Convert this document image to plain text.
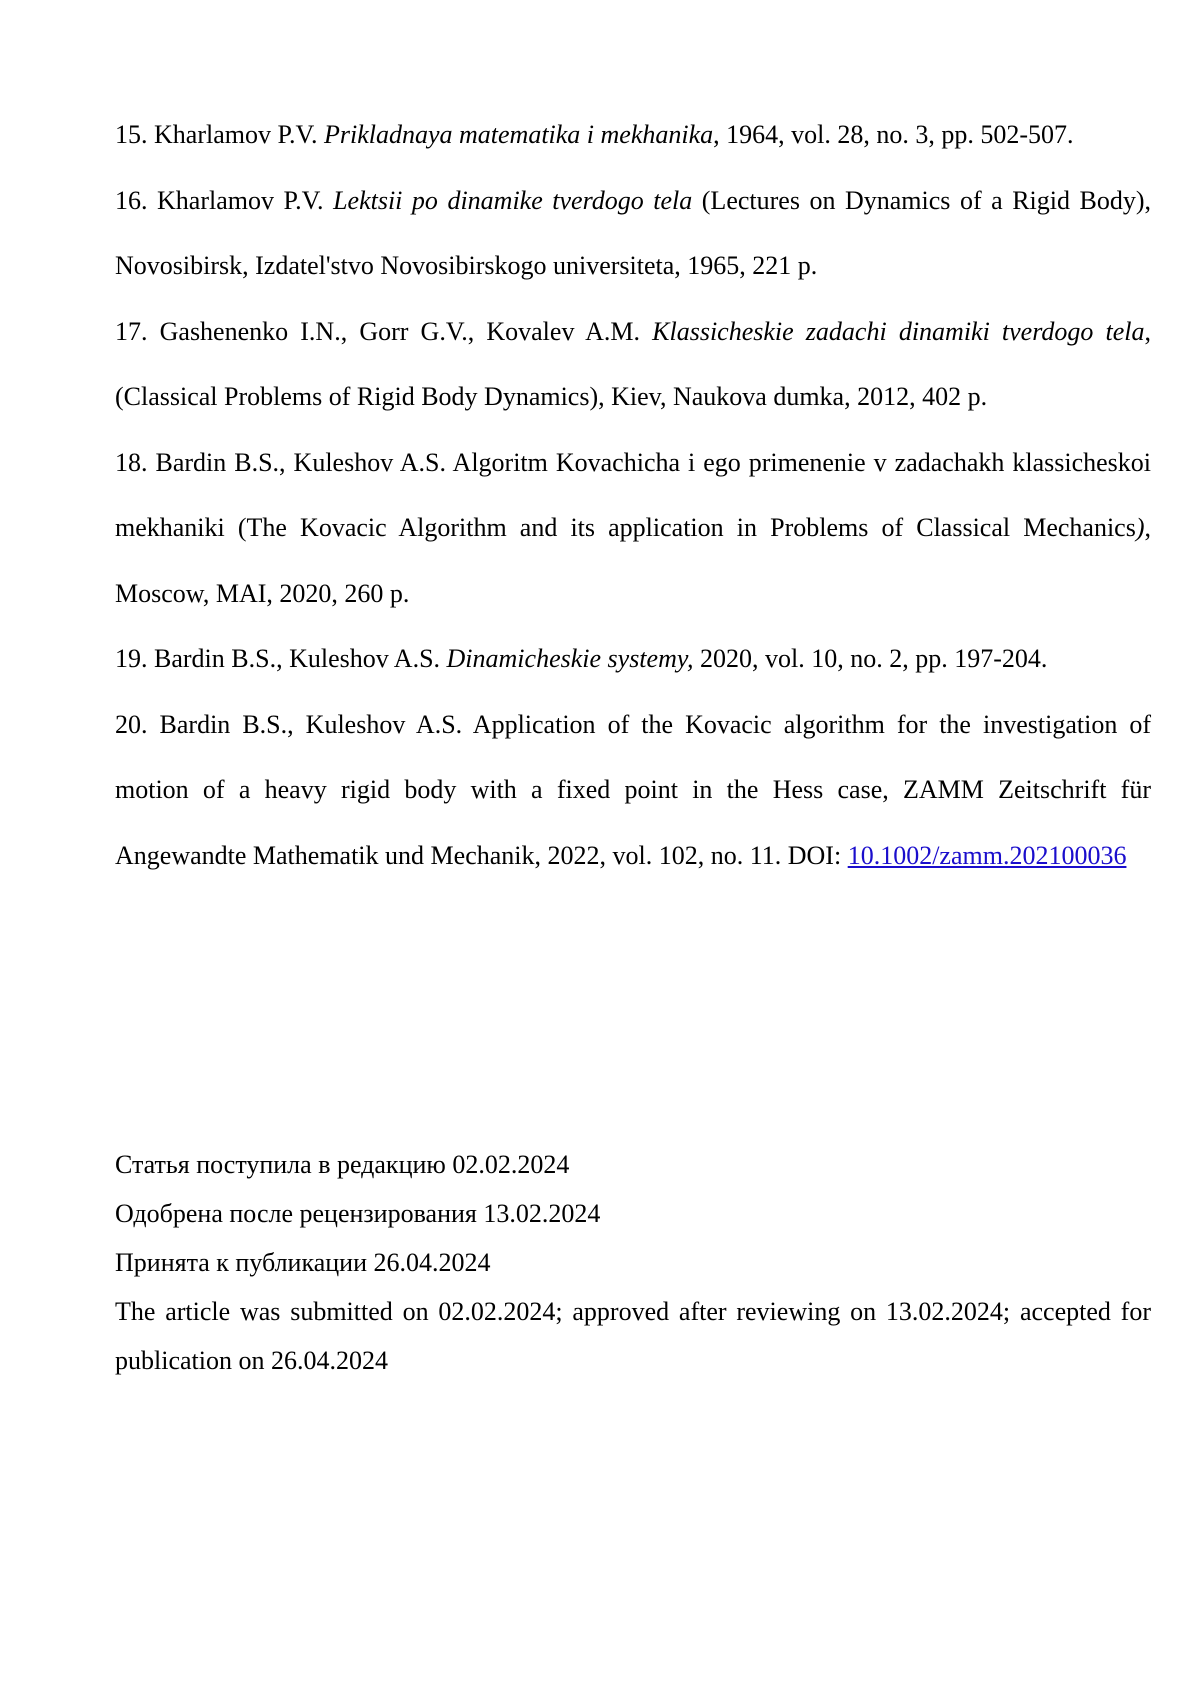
15. Kharlamov P.V. Prikladnaya matematika i mekhanika, 1964, vol. 28, no. 3, pp. 502-507.

16. Kharlamov P.V. Lektsii po dinamike tverdogo tela (Lectures on Dynamics of a Rigid Body), Novosibirsk, Izdatel'stvo Novosibirskogo universiteta, 1965, 221 p.

17. Gashenenko I.N., Gorr G.V., Kovalev A.M. Klassicheskie zadachi dinamiki tverdogo tela, (Classical Problems of Rigid Body Dynamics), Kiev, Naukova dumka, 2012, 402 p.

18. Bardin B.S., Kuleshov A.S. Algoritm Kovachicha i ego primenenie v zadachakh klassicheskoi mekhaniki (The Kovacic Algorithm and its application in Problems of Classical Mechanics), Moscow, MAI, 2020, 260 p.

19. Bardin B.S., Kuleshov A.S. Dinamicheskie systemy, 2020, vol. 10, no. 2, pp. 197-204.

20. Bardin B.S., Kuleshov A.S. Application of the Kovacic algorithm for the investigation of motion of a heavy rigid body with a fixed point in the Hess case, ZAMM Zeitschrift für Angewandte Mathematik und Mechanik, 2022, vol. 102, no. 11. DOI: 10.1002/zamm.202100036

Статья поступила в редакцию 02.02.2024

Одобрена после рецензирования 13.02.2024

Принята к публикации 26.04.2024

The article was submitted on 02.02.2024; approved after reviewing on 13.02.2024; accepted for publication on 26.04.2024
